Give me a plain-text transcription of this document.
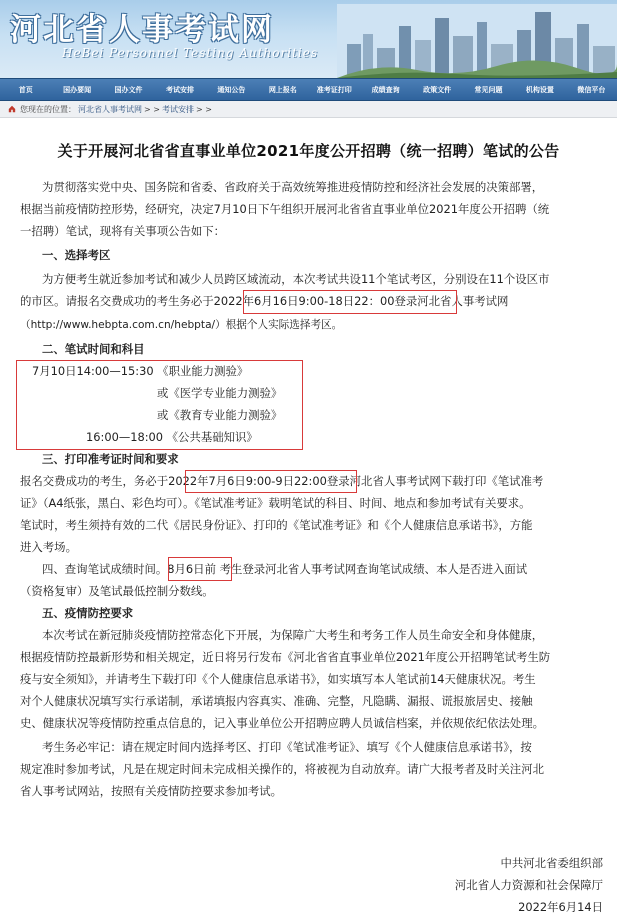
河北省人事考试网
HeBei Personnel Testing Authorities
首页	国办要闻	国办文件	考试安排	通知公告	网上报名	准考证打印	成绩查询	政策文件	常见问题	机构设置	微信平台
您现在的位置： 河北省人事考试网 > > 考试安排 > >
关于开展河北省省直事业单位2021年度公开招聘（统一招聘）笔试的公告
为贯彻落实党中央、国务院和省委、省政府关于高效统筹推进疫情防控和经济社会发展的决策部署，
根据当前疫情防控形势，经研究，决定7月10日下午组织开展河北省省直事业单位2021年度公开招聘（统
一招聘）笔试，现将有关事项公告如下：
一、选择考区
为方便考生就近参加考试和减少人员跨区域流动，本次考试共设11个笔试考区，分别设在11个设区市
的市区。请报名交费成功的考生务必于2022年6月16日9:00-18日22：00登录河北省人事考试网
（http://www.hebpta.com.cn/hebpta/）根据个人实际选择考区。
二、笔试时间和科目
7月10日14:00—15:30 《职业能力测验》
或《医学专业能力测验》
或《教育专业能力测验》
16:00—18:00 《公共基础知识》
三、打印准考证时间和要求
报名交费成功的考生，务必于2022年7月6日9:00-9日22:00登录河北省人事考试网下载打印《笔试准考
证》（A4纸张，黑白、彩色均可）。《笔试准考证》载明笔试的科目、时间、地点和参加考试有关要求。
笔试时，考生须持有效的二代《居民身份证》、打印的《笔试准考证》和《个人健康信息承诺书》，方能
进入考场。
四、查询笔试成绩时间。8月6日前 考生登录河北省人事考试网查询笔试成绩、本人是否进入面试
（资格复审）及笔试最低控制分数线。
五、疫情防控要求
本次考试在新冠肺炎疫情防控常态化下开展，为保障广大考生和考务工作人员生命安全和身体健康，
根据疫情防控最新形势和相关规定，近日将另行发布《河北省省直事业单位2021年度公开招聘笔试考生防
疫与安全须知》，并请考生下载打印《个人健康信息承诺书》，如实填写本人笔试前14天健康状况。考生
对个人健康状况填写实行承诺制，承诺填报内容真实、准确、完整，凡隐瞒、漏报、谎报旅居史、接触
史、健康状况等疫情防控重点信息的，记入事业单位公开招聘应聘人员诚信档案，并依规依纪依法处理。
考生务必牢记：请在规定时间内选择考区、打印《笔试准考证》、填写《个人健康信息承诺书》，按
规定准时参加考试，凡是在规定时间未完成相关操作的，将被视为自动放弃。请广大报考者及时关注河北
省人事考试网站，按照有关疫情防控要求参加考试。
中共河北省委组织部
河北省人力资源和社会保障厅
2022年6月14日
